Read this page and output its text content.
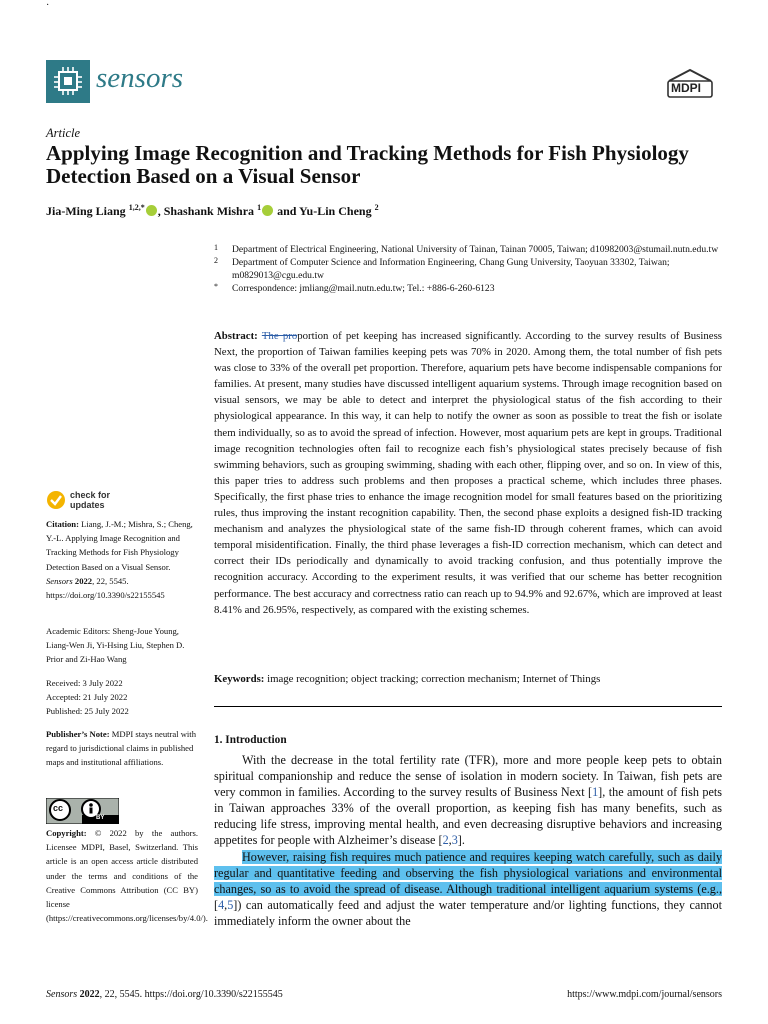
·
sensors	MDPI
Article
Applying Image Recognition and Tracking Methods for Fish Physiology Detection Based on a Visual Sensor
Jia-Ming Liang $^{1,2,*}$ , Shashank Mishra $^1$ and Yu-Lin Cheng $^2$
1 Department of Electrical Engineering, National University of Tainan, Tainan 70005, Taiwan; d10982003@stumail.nutn.edu.tw
2 Department of Computer Science and Information Engineering, Chang Gung University, Taoyuan 33302, Taiwan; m0829013@cgu.edu.tw
* Correspondence: jmliang@mail.nutn.edu.tw; Tel.: +886-6-260-6123
Abstract: The proportion of pet keeping has increased significantly. According to the survey results of Business Next, the proportion of Taiwan families keeping pets was 70% in 2020. Among them, the total number of fish pets was close to 33% of the overall pet proportion. Therefore, aquarium pets have become indispensable companions for families. At present, many studies have discussed intelligent aquarium systems. Through image recognition based on visual sensors, we may be able to detect and interpret the physiological status of the fish according to their physiological appearance. In this way, it can help to notify the owner as soon as possible to treat the fish or isolate them individually, so as to avoid the spread of infection. However, most aquarium pets are kept in groups. Traditional image recognition technologies often fail to recognize each fish’s physiological states precisely because of fish swimming behaviors, such as grouping swimming, shading with each other, flipping over, and so on. In view of this, this paper tries to address such problems and then proposes a practical scheme, which includes three phases. Specifically, the first phase tries to enhance the image recognition model for small features based on the prioritizing rules, thus improving the instant recognition capability. Then, the second phase exploits a designed fish-ID tracking mechanism and analyzes the physiological state of the same fish-ID through coherent frames, which can avoid temporal misidentification. Finally, the third phase leverages a fish-ID correction mechanism, which can detect and correct their IDs periodically and dynamically to avoid tracking confusion, and thus potentially improve the recognition accuracy. According to the experiment results, it was verified that our scheme has better recognition performance. The best accuracy and correctness ratio can reach up to 94.9% and 92.67%, which are improved at least 8.41% and 26.95%, respectively, as compared with the existing schemes.
Keywords: image recognition; object tracking; correction mechanism; Internet of Things
1. Introduction
With the decrease in the total fertility rate (TFR), more and more people keep pets to obtain spiritual companionship and reduce the sense of isolation in modern society. In Taiwan, fish pets are very common in families. According to the survey results of Business Next [1], the amount of fish pets in Taiwan approaches 33% of the overall proportion, as keeping fish has many benefits, such as reducing life stress, improving mental health, and even decreasing disruptive behaviors and increasing appetites for people with Alzheimer’s disease [2,3].
However, raising fish requires much patience and requires keeping watch carefully, such as daily regular and quantitative feeding and observing the fish physiological variations and environmental changes, so as to avoid the spread of disease. Although traditional intelligent aquarium systems (e.g., [4,5]) can automatically feed and adjust the water temperature and/or lighting functions, they cannot immediately inform the owner about the
check for
updates
Citation: Liang, J.-M.; Mishra, S.; Cheng, Y.-L. Applying Image Recognition and Tracking Methods for Fish Physiology Detection Based on a Visual Sensor. Sensors 2022, 22, 5545. https://doi.org/10.3390/s22155545
Academic Editors: Sheng-Joue Young, Liang-Wen Ji, Yi-Hsing Liu, Stephen D. Prior and Zi-Hao Wang
Received: 3 July 2022
Accepted: 21 July 2022
Published: 25 July 2022
Publisher’s Note: MDPI stays neutral with regard to jurisdictional claims in published maps and institutional affiliations.
cc
BY
Copyright: © 2022 by the authors. Licensee MDPI, Basel, Switzerland. This article is an open access article distributed under the terms and conditions of the Creative Commons Attribution (CC BY) license (https://creativecommons.org/licenses/by/4.0/).
Sensors 2022, 22, 5545. https://doi.org/10.3390/s22155545	https://www.mdpi.com/journal/sensors
